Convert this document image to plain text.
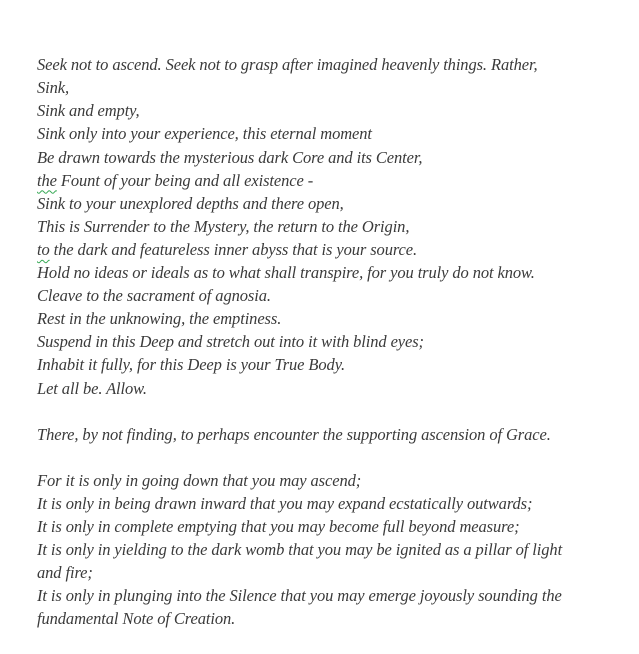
Seek not to ascend. Seek not to grasp after imagined heavenly things. Rather,
Sink,
Sink and empty,
Sink only into your experience, this eternal moment
Be drawn towards the mysterious dark Core and its Center,
the Fount of your being and all existence -
Sink to your unexplored depths and there open,
This is Surrender to the Mystery, the return to the Origin,
to the dark and featureless inner abyss that is your source.
Hold no ideas or ideals as to what shall transpire, for you truly do not know.
Cleave to the sacrament of agnosia.
Rest in the unknowing, the emptiness.
Suspend in this Deep and stretch out into it with blind eyes;
Inhabit it fully, for this Deep is your True Body.
Let all be. Allow.
There, by not finding, to perhaps encounter the supporting ascension of Grace.
For it is only in going down that you may ascend;
It is only in being drawn inward that you may expand ecstatically outwards;
It is only in complete emptying that you may become full beyond measure;
It is only in yielding to the dark womb that you may be ignited as a pillar of light
and fire;
It is only in plunging into the Silence that you may emerge joyously sounding the
fundamental Note of Creation.
